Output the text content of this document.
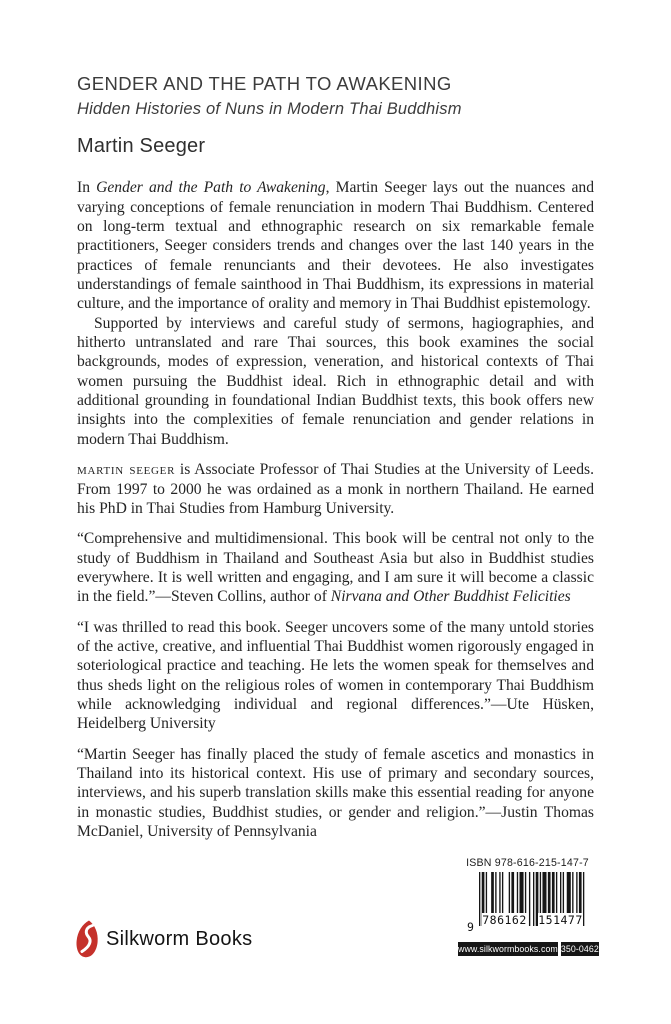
GENDER AND THE PATH TO AWAKENING
Hidden Histories of Nuns in Modern Thai Buddhism
Martin Seeger

In Gender and the Path to Awakening, Martin Seeger lays out the nuances and varying conceptions of female renunciation in modern Thai Buddhism. Centered on long-term textual and ethnographic research on six remarkable female practitioners, Seeger considers trends and changes over the last 140 years in the practices of female renunciants and their devotees. He also investigates understandings of female sainthood in Thai Buddhism, its expressions in material culture, and the importance of orality and memory in Thai Buddhist epistemology.

Supported by interviews and careful study of sermons, hagiographies, and hitherto untranslated and rare Thai sources, this book examines the social backgrounds, modes of expression, veneration, and historical contexts of Thai women pursuing the Buddhist ideal. Rich in ethnographic detail and with additional grounding in foundational Indian Buddhist texts, this book offers new insights into the complexities of female renunciation and gender relations in modern Thai Buddhism.

martin seeger is Associate Professor of Thai Studies at the University of Leeds. From 1997 to 2000 he was ordained as a monk in northern Thailand. He earned his PhD in Thai Studies from Hamburg University.

“Comprehensive and multidimensional. This book will be central not only to the study of Buddhism in Thailand and Southeast Asia but also in Buddhist studies everywhere. It is well written and engaging, and I am sure it will become a classic in the field.”—Steven Collins, author of Nirvana and Other Buddhist Felicities

“I was thrilled to read this book. Seeger uncovers some of the many untold stories of the active, creative, and influential Thai Buddhist women rigorously engaged in soteriological practice and teaching. He lets the women speak for themselves and thus sheds light on the religious roles of women in contemporary Thai Buddhism while acknowledging individual and regional differences.”—Ute Hüsken, Heidelberg University

“Martin Seeger has finally placed the study of female ascetics and monastics in Thailand into its historical context. His use of primary and secondary sources, interviews, and his superb translation skills make this essential reading for anyone in monastic studies, Buddhist studies, or gender and religion.”—Justin Thomas McDaniel, University of Pennsylvania

ISBN 978-616-215-147-7
9 786162 151477
www.silkwormbooks.com 350-0462
Silkworm Books
